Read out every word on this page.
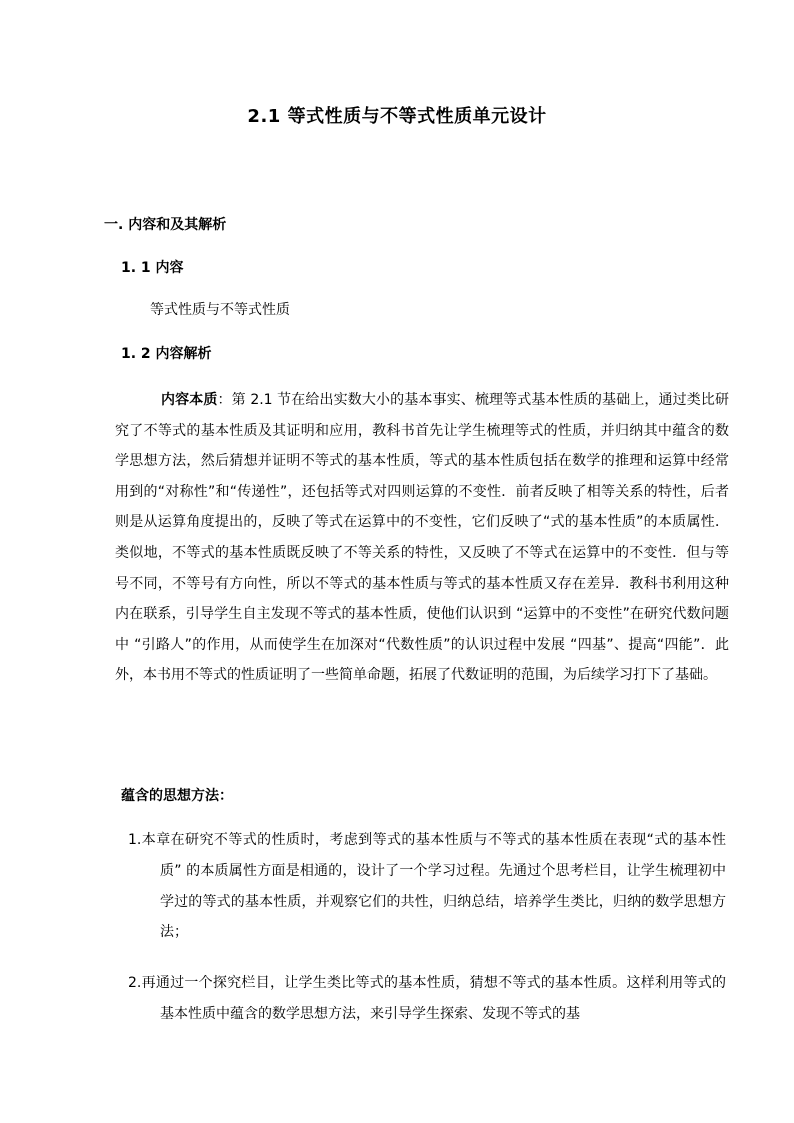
2.1 等式性质与不等式性质单元设计
一. 内容和及其解析
1. 1 内容
等式性质与不等式性质
1. 2 内容解析
内容本质：第 2.1 节在给出实数大小的基本事实、梳理等式基本性质的基础上，通过类比研究了不等式的基本性质及其证明和应用，教科书首先让学生梳理等式的性质，并归纳其中蕴含的数学思想方法，然后猜想并证明不等式的基本性质，等式的基本性质包括在数学的推理和运算中经常用到的“对称性”和“传递性”，还包括等式对四则运算的不变性．前者反映了相等关系的特性，后者则是从运算角度提出的，反映了等式在运算中的不变性，它们反映了“式的基本性质”的本质属性．类似地，不等式的基本性质既反映了不等关系的特性，又反映了不等式在运算中的不变性．但与等号不同，不等号有方向性，所以不等式的基本性质与等式的基本性质又存在差异．教科书利用这种内在联系，引导学生自主发现不等式的基本性质，使他们认识到 “运算中的不变性”在研究代数问题中 “引路人”的作用，从而使学生在加深对“代数性质”的认识过程中发展 “四基”、提高“四能”．此外，本书用不等式的性质证明了一些简单命题，拓展了代数证明的范围，为后续学习打下了基础。
蕴含的思想方法：
1.本章在研究不等式的性质时，考虑到等式的基本性质与不等式的基本性质在表现“式的基本性质” 的本质属性方面是相通的，设计了一个学习过程。先通过个思考栏目，让学生梳理初中学过的等式的基本性质，并观察它们的共性，归纳总结，培养学生类比，归纳的数学思想方法；
2.再通过一个探究栏目，让学生类比等式的基本性质，猜想不等式的基本性质。这样利用等式的基本性质中蕴含的数学思想方法，来引导学生探索、发现不等式的基
